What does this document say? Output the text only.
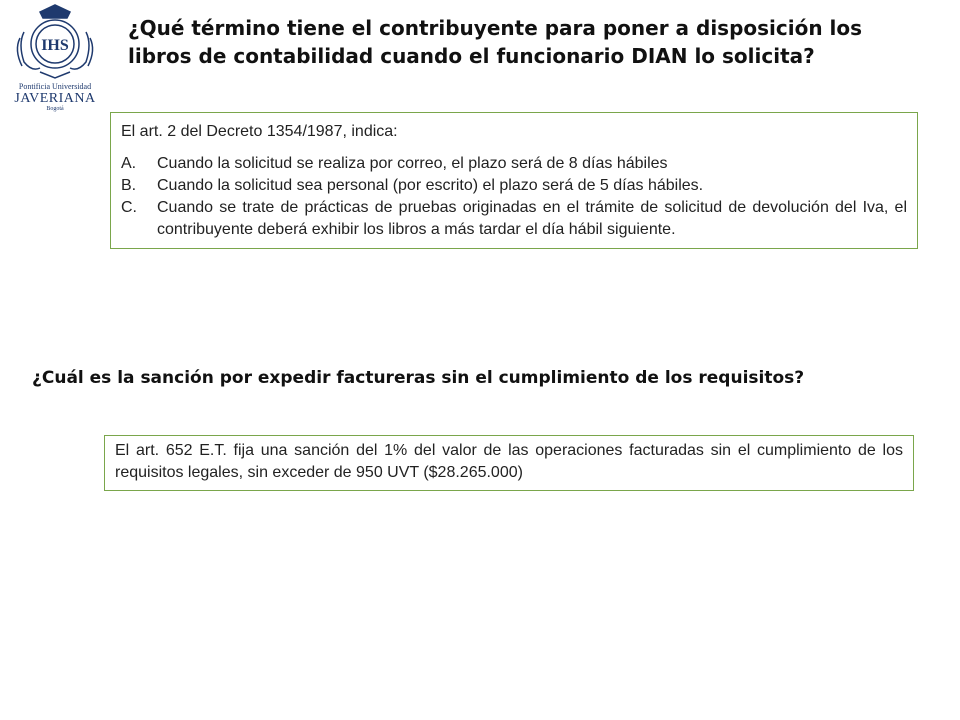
IHS
Pontificia Universidad
JAVERIANA
Bogotá
¿Qué término tiene el contribuyente para poner a disposición los libros de contabilidad cuando el funcionario DIAN lo solicita?

El art. 2 del Decreto 1354/1987, indica:

A. Cuando la solicitud se realiza por correo, el plazo será de 8 días hábiles
B. Cuando la solicitud sea personal (por escrito) el plazo será de 5 días hábiles.
C. Cuando se trate de prácticas de pruebas originadas en el trámite de solicitud de devolución del Iva, el contribuyente deberá exhibir los libros a más tardar el día hábil siguiente.
¿Cuál es la sanción por expedir factureras sin el cumplimiento de los requisitos?
El art. 652 E.T. fija una sanción del 1% del valor de las operaciones facturadas sin el cumplimiento de los requisitos legales, sin exceder de 950 UVT ($28.265.000)
